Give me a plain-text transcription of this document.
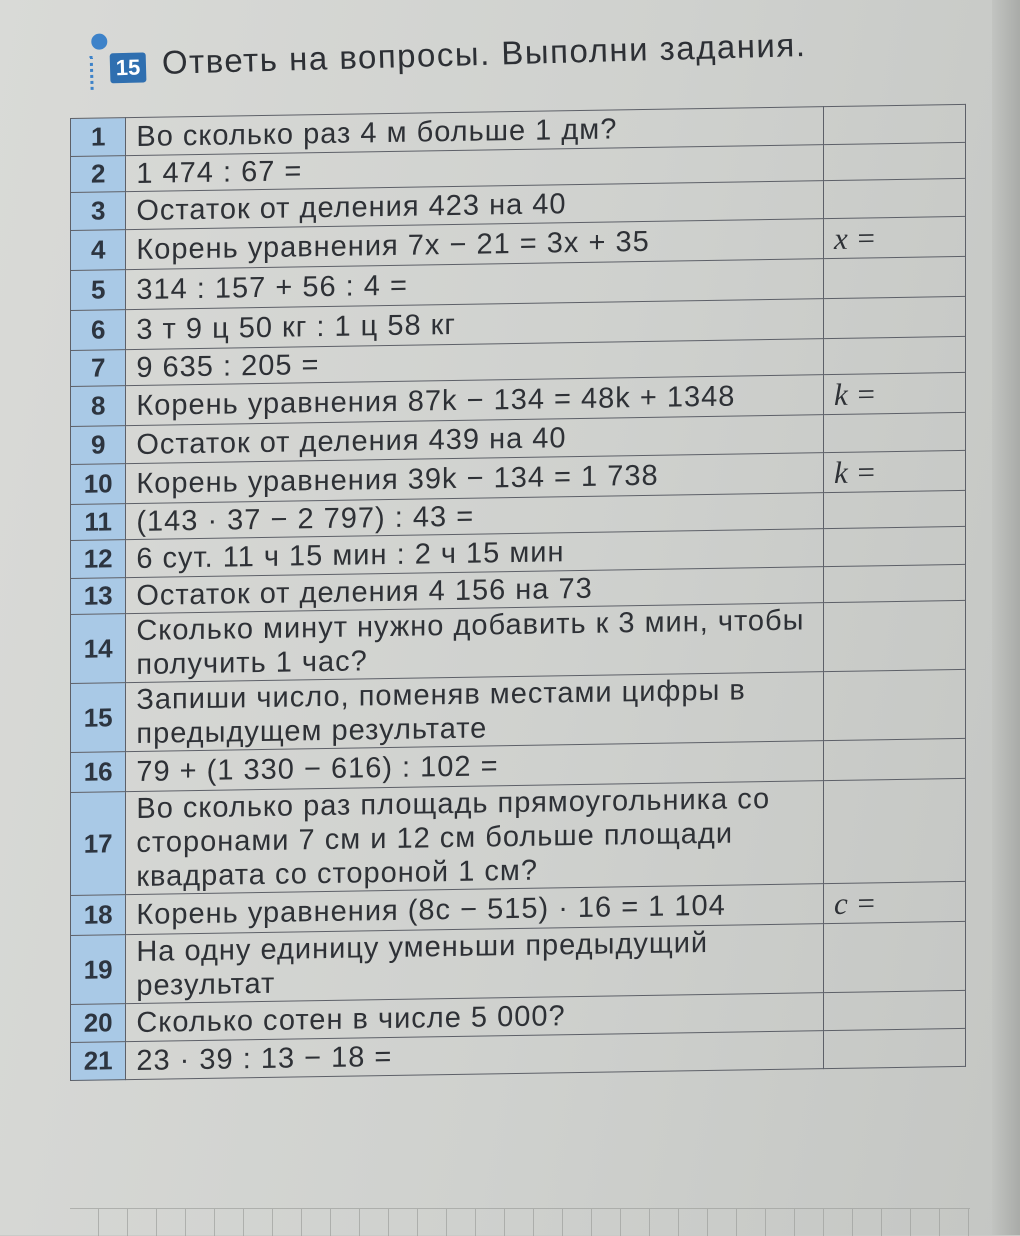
15 Ответь на вопросы. Выполни задания.
1	Во сколько раз 4 м больше 1 дм?	
2	1 474 : 67 =	
3	Остаток от деления 423 на 40	
4	Корень уравнения 7x − 21 = 3x + 35	x =
5	314 : 157 + 56 : 4 =	
6	3 т 9 ц 50 кг : 1 ц 58 кг	
7	9 635 : 205 =	
8	Корень уравнения 87k − 134 = 48k + 1348	k =
9	Остаток от деления 439 на 40	
10	Корень уравнения 39k − 134 = 1 738	k =
11	(143 · 37 − 2 797) : 43 =	
12	6 сут. 11 ч 15 мин : 2 ч 15 мин	
13	Остаток от деления 4 156 на 73	
14	Сколько минут нужно добавить к 3 мин, чтобы получить 1 час?	
15	Запиши число, поменяв местами цифры в предыдущем результате	
16	79 + (1 330 − 616) : 102 =	
17	Во сколько раз площадь прямоугольника со сторонами 7 см и 12 см больше площади квадрата со стороной 1 см?	
18	Корень уравнения (8c − 515) · 16 = 1 104	c =
19	На одну единицу уменьши предыдущий результат	
20	Сколько сотен в числе 5 000?	
21	23 · 39 : 13 − 18 =	
